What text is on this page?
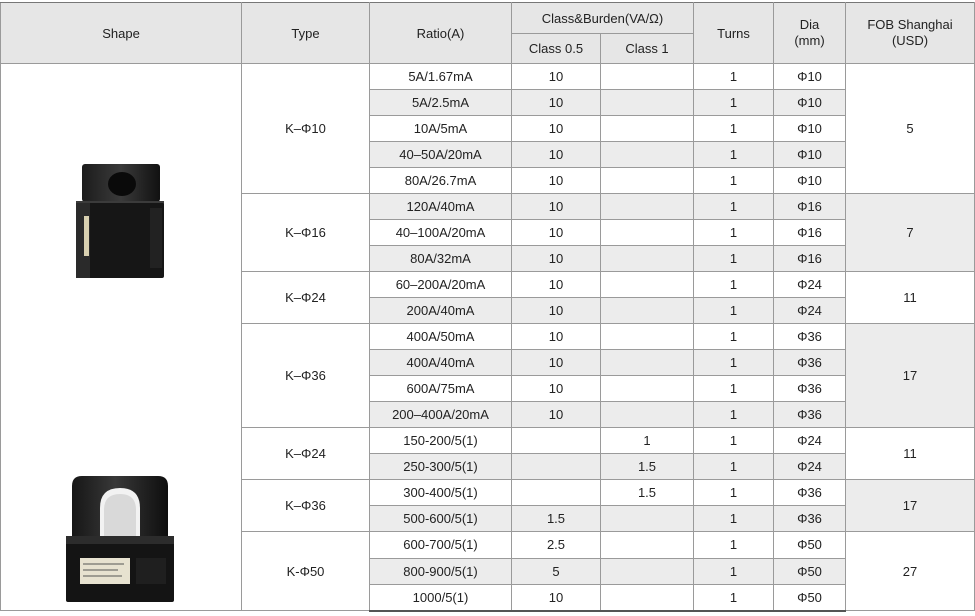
Shape	Type	Ratio(A)	Class&Burden(VA/Ω)		Turns	Dia
(mm)	FOB Shanghai
(USD)

			Class 0.5	Class 1			

	K–Φ10	5A/1.67mA	10		1	Φ10	5
		5A/2.5mA	10		1	Φ10	
		10A/5mA	10		1	Φ10	
		40–50A/20mA	10		1	Φ10	
		80A/26.7mA	10		1	Φ10	
	K–Φ16	120A/40mA	10		1	Φ16	7
		40–100A/20mA	10		1	Φ16	
		80A/32mA	10		1	Φ16	
	K–Φ24	60–200A/20mA	10		1	Φ24	11
		200A/40mA	10		1	Φ24	
	K–Φ36	400A/50mA	10		1	Φ36	17
		400A/40mA	10		1	Φ36	
		600A/75mA	10		1	Φ36	
		200–400A/20mA	10		1	Φ36	
	K–Φ24	150-200/5(1)		1	1	Φ24	11
		250-300/5(1)		1.5	1	Φ24	
	K–Φ36	300-400/5(1)		1.5	1	Φ36	17
		500-600/5(1)	1.5		1	Φ36	
	K-Φ50	600-700/5(1)	2.5		1	Φ50	27
		800-900/5(1)	5		1	Φ50	
		1000/5(1)	10		1	Φ50	
